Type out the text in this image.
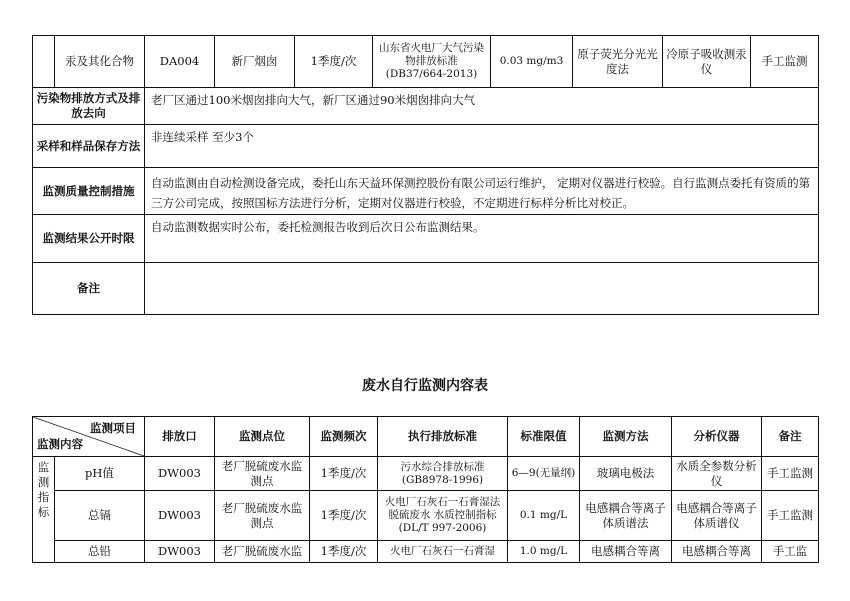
	汞及其化合物	DA004	新厂烟囱	1季度/次	山东省火电厂大气污染物排放标准(DB37/664-2013)	0.03 mg/m3	原子荧光分光光度法	冷原子吸收测汞仪	手工监测
污染物排放方式及排放去向		老厂区通过100米烟囱排向大气，新厂区通过90米烟囱排向大气							
采样和样品保存方法		非连续采样 至少3个							
监测质量控制措施		自动监测由自动检测设备完成，委托山东天益环保测控股份有限公司运行维护， 定期对仪器进行校验。自行监测点委托有资质的第三方公司完成，按照国标方法进行分析，定期对仪器进行校验，不定期进行标样分析比对校正。							
监测结果公开时限		自动监测数据实时公布，委托检测报告收到后次日公布监测结果。							
备注									
废水自行监测内容表
监测项目
监测内容		排放口	监测点位	监测频次	执行排放标准	标准限值	监测方法	分析仪器	备注
监测指标	pH值	DW003	老厂脱硫废水监测点	1季度/次	污水综合排放标准(GB8978-1996)	6—9(无量纲)	玻璃电极法	水质全参数分析仪	手工监测
	总镉	DW003	老厂脱硫废水监测点	1季度/次	火电厂石灰石一石膏湿法脱硫废水 水质控制指标(DL/T 997-2006)	0.1 mg/L	电感耦合等离子体质谱法	电感耦合等离子体质谱仪	手工监测
	总铅	DW003	老厂脱硫废水监	1季度/次	火电厂石灰石一石膏湿	1.0 mg/L	电感耦合等离	电感耦合等离	手工监
